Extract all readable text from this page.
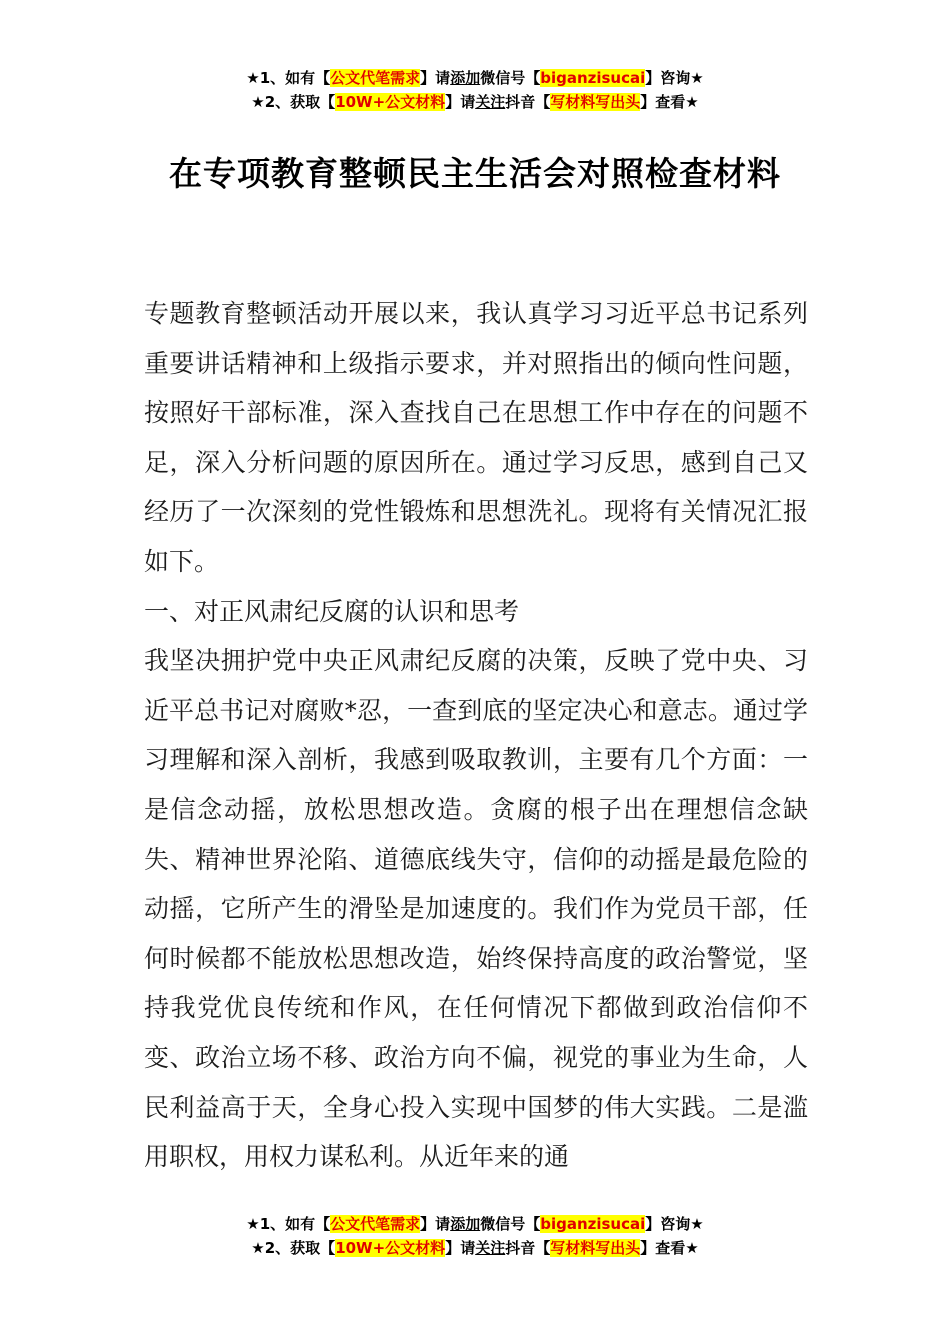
★1、如有【公文代笔需求】请添加微信号【biganzisucai】咨询★
★2、获取【10W+公文材料】请关注抖音【写材料写出头】查看★
在专项教育整顿民主生活会对照检查材料

专题教育整顿活动开展以来，我认真学习习近平总书记系列重要讲话精神和上级指示要求，并对照指出的倾向性问题，按照好干部标准，深入查找自己在思想工作中存在的问题不足，深入分析问题的原因所在。通过学习反思，感到自己又经历了一次深刻的党性锻炼和思想洗礼。现将有关情况汇报如下。

一、对正风肃纪反腐的认识和思考

我坚决拥护党中央正风肃纪反腐的决策，反映了党中央、习近平总书记对腐败*忍，一查到底的坚定决心和意志。通过学习理解和深入剖析，我感到吸取教训，主要有几个方面：一是信念动摇，放松思想改造。贪腐的根子出在理想信念缺失、精神世界沦陷、道德底线失守，信仰的动摇是最危险的动摇，它所产生的滑坠是加速度的。我们作为党员干部，任何时候都不能放松思想改造，始终保持高度的政治警觉，坚持我党优良传统和作风，在任何情况下都做到政治信仰不变、政治立场不移、政治方向不偏，视党的事业为生命，人民利益高于天，全身心投入实现中国梦的伟大实践。二是滥用职权，用权力谋私利。从近年来的通

★1、如有【公文代笔需求】请添加微信号【biganzisucai】咨询★
★2、获取【10W+公文材料】请关注抖音【写材料写出头】查看★
